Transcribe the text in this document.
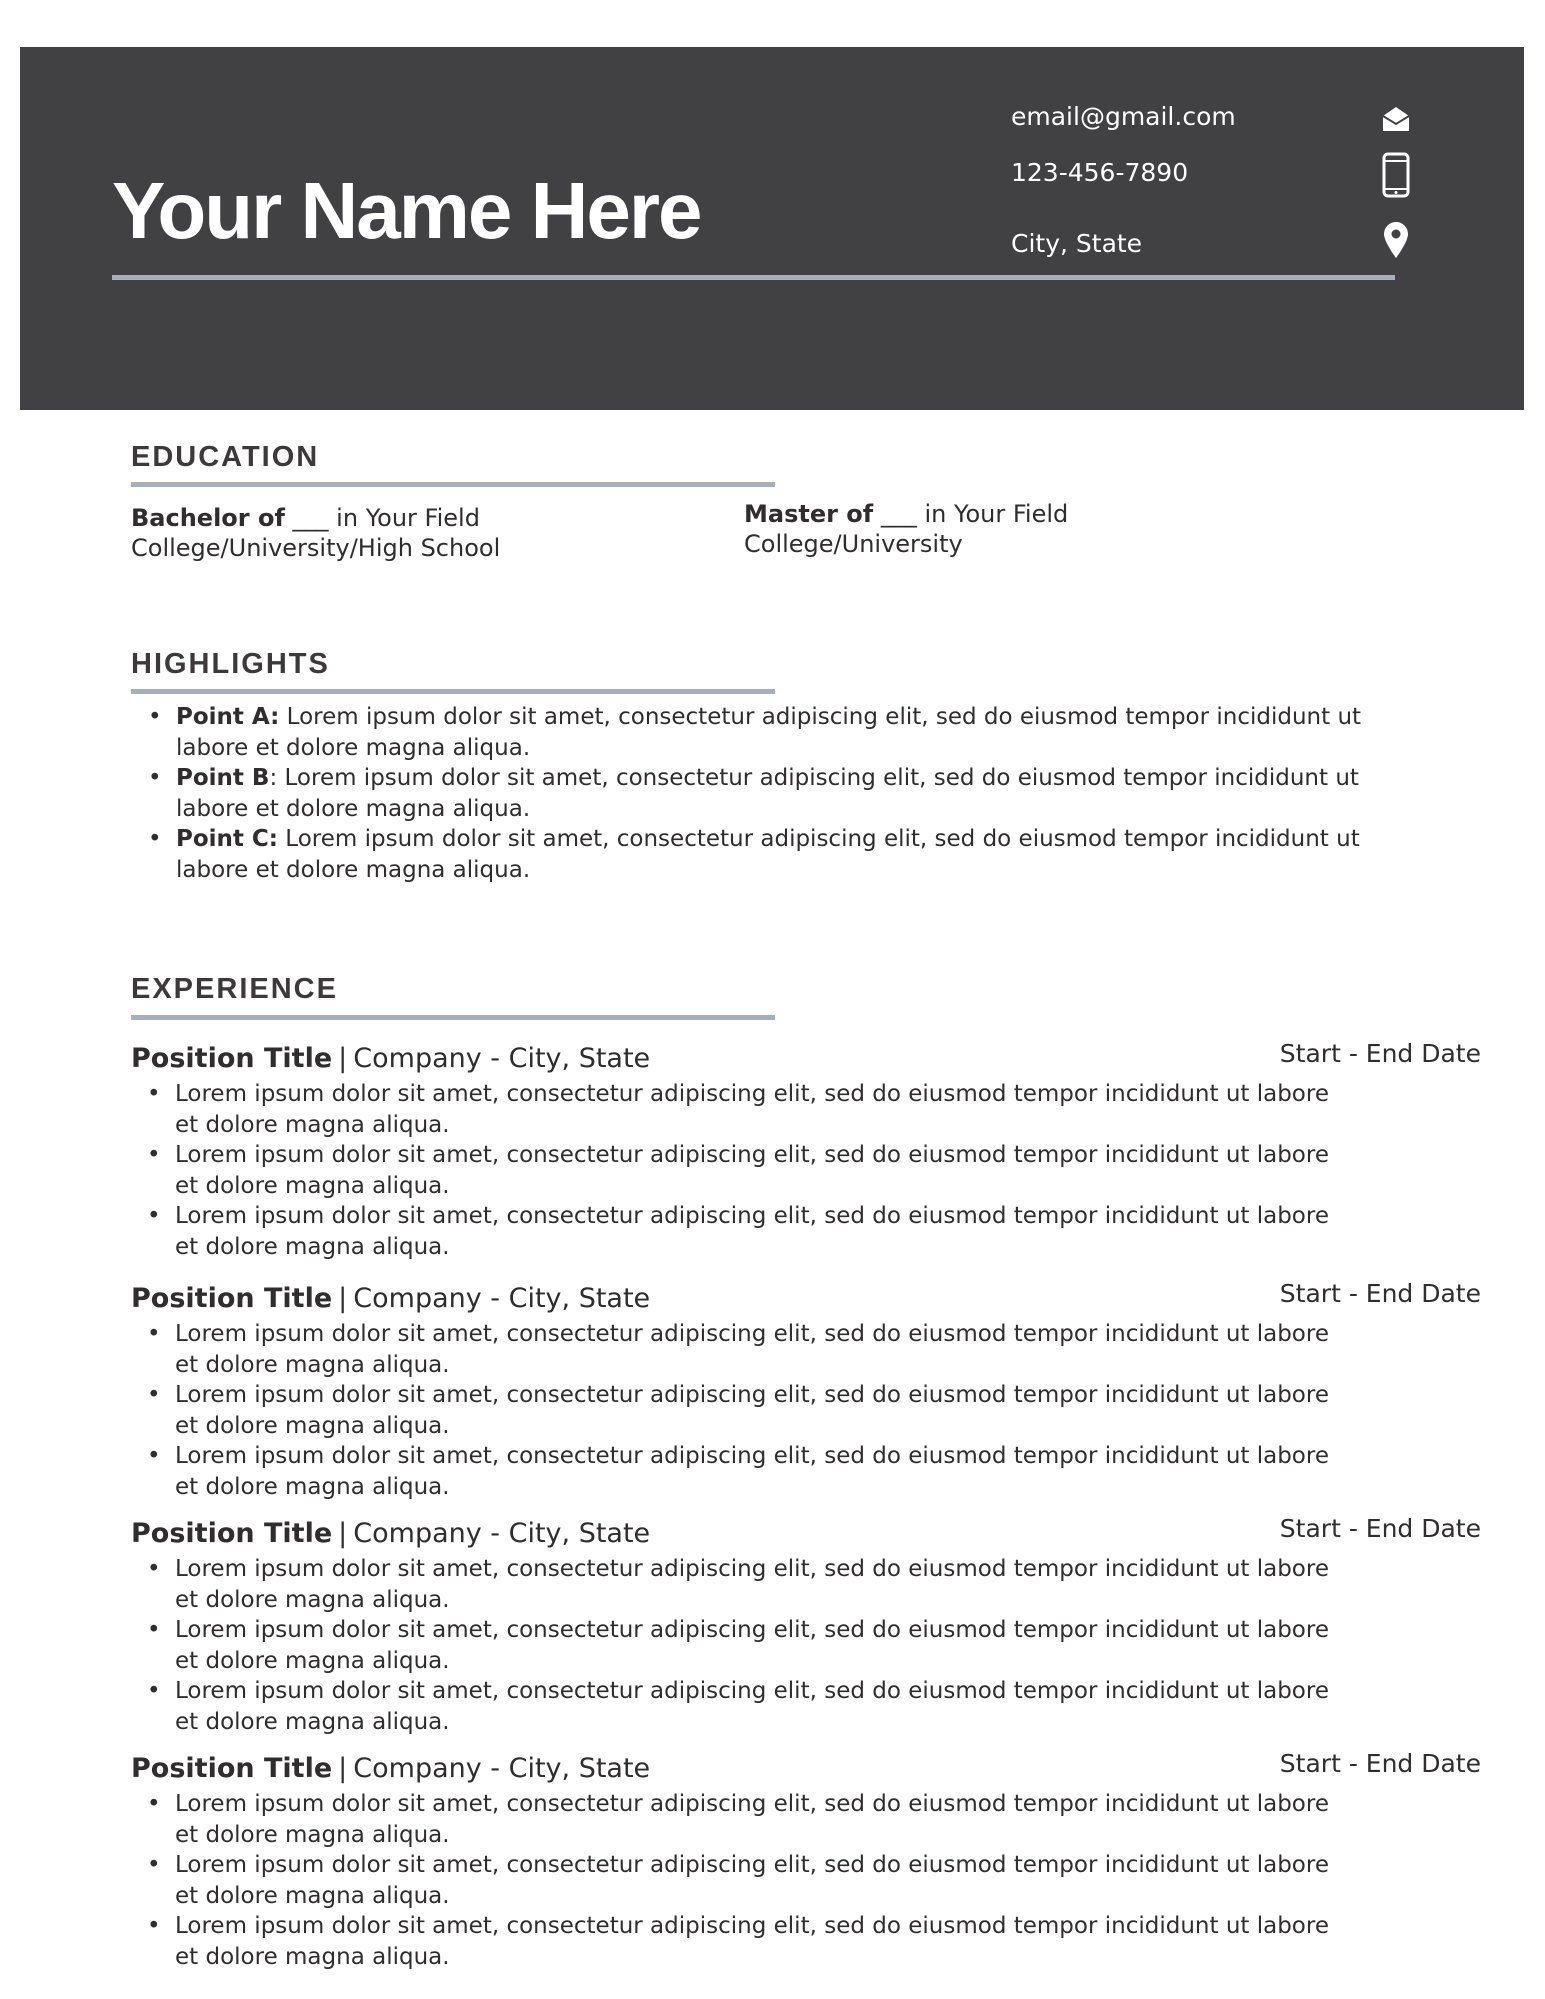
Your Name Here

email@gmail.com

123-456-7890

City, State

EDUCATION
Bachelor of ___ in Your Field
College/University/High School
Master of ___ in Your Field
College/University
HIGHLIGHTS
• Point A: Lorem ipsum dolor sit amet, consectetur adipiscing elit, sed do eiusmod tempor incididunt ut labore et dolore magna aliqua.
• Point B: Lorem ipsum dolor sit amet, consectetur adipiscing elit, sed do eiusmod tempor incididunt ut labore et dolore magna aliqua.
• Point C: Lorem ipsum dolor sit amet, consectetur adipiscing elit, sed do eiusmod tempor incididunt ut labore et dolore magna aliqua.
EXPERIENCE
Position Title | Company - City, State	Start - End Date
• Lorem ipsum dolor sit amet, consectetur adipiscing elit, sed do eiusmod tempor incididunt ut labore et dolore magna aliqua.
• Lorem ipsum dolor sit amet, consectetur adipiscing elit, sed do eiusmod tempor incididunt ut labore et dolore magna aliqua.
• Lorem ipsum dolor sit amet, consectetur adipiscing elit, sed do eiusmod tempor incididunt ut labore et dolore magna aliqua.
Position Title | Company - City, State	Start - End Date
• Lorem ipsum dolor sit amet, consectetur adipiscing elit, sed do eiusmod tempor incididunt ut labore et dolore magna aliqua.
• Lorem ipsum dolor sit amet, consectetur adipiscing elit, sed do eiusmod tempor incididunt ut labore et dolore magna aliqua.
• Lorem ipsum dolor sit amet, consectetur adipiscing elit, sed do eiusmod tempor incididunt ut labore et dolore magna aliqua.
Position Title | Company - City, State	Start - End Date
• Lorem ipsum dolor sit amet, consectetur adipiscing elit, sed do eiusmod tempor incididunt ut labore et dolore magna aliqua.
• Lorem ipsum dolor sit amet, consectetur adipiscing elit, sed do eiusmod tempor incididunt ut labore et dolore magna aliqua.
• Lorem ipsum dolor sit amet, consectetur adipiscing elit, sed do eiusmod tempor incididunt ut labore et dolore magna aliqua.
Position Title | Company - City, State	Start - End Date
• Lorem ipsum dolor sit amet, consectetur adipiscing elit, sed do eiusmod tempor incididunt ut labore et dolore magna aliqua.
• Lorem ipsum dolor sit amet, consectetur adipiscing elit, sed do eiusmod tempor incididunt ut labore et dolore magna aliqua.
• Lorem ipsum dolor sit amet, consectetur adipiscing elit, sed do eiusmod tempor incididunt ut labore et dolore magna aliqua.
